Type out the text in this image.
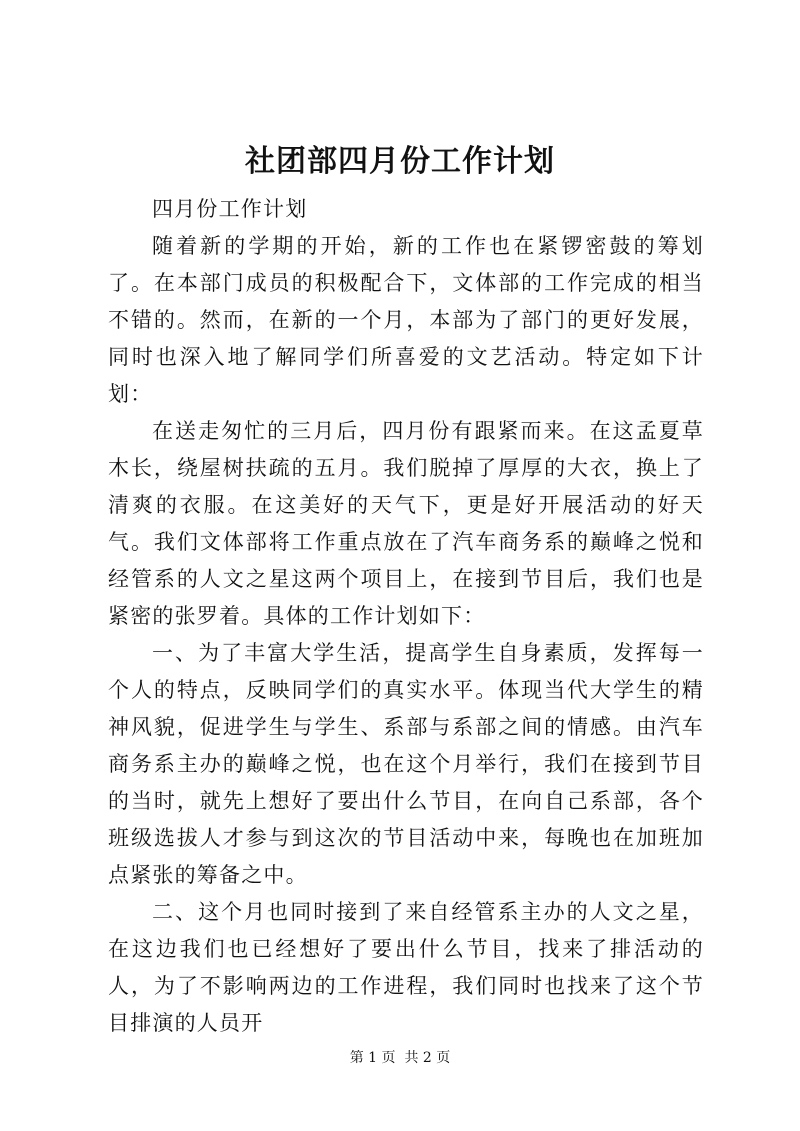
社团部四月份工作计划

四月份工作计划

随着新的学期的开始，新的工作也在紧锣密鼓的筹划了。在本部门成员的积极配合下，文体部的工作完成的相当不错的。然而，在新的一个月，本部为了部门的更好发展，同时也深入地了解同学们所喜爱的文艺活动。特定如下计划：

在送走匆忙的三月后，四月份有跟紧而来。在这孟夏草木长，绕屋树扶疏的五月。我们脱掉了厚厚的大衣，换上了清爽的衣服。在这美好的天气下，更是好开展活动的好天气。我们文体部将工作重点放在了汽车商务系的巅峰之悦和经管系的人文之星这两个项目上，在接到节目后，我们也是紧密的张罗着。具体的工作计划如下：

一、为了丰富大学生活，提高学生自身素质，发挥每一个人的特点，反映同学们的真实水平。体现当代大学生的精神风貌，促进学生与学生、系部与系部之间的情感。由汽车商务系主办的巅峰之悦，也在这个月举行，我们在接到节目的当时，就先上想好了要出什么节目，在向自己系部，各个班级选拔人才参与到这次的节目活动中来，每晚也在加班加点紧张的筹备之中。

二、这个月也同时接到了来自经管系主办的人文之星，在这边我们也已经想好了要出什么节目，找来了排活动的人，为了不影响两边的工作进程，我们同时也找来了这个节目排演的人员开

第 1 页  共 2 页
